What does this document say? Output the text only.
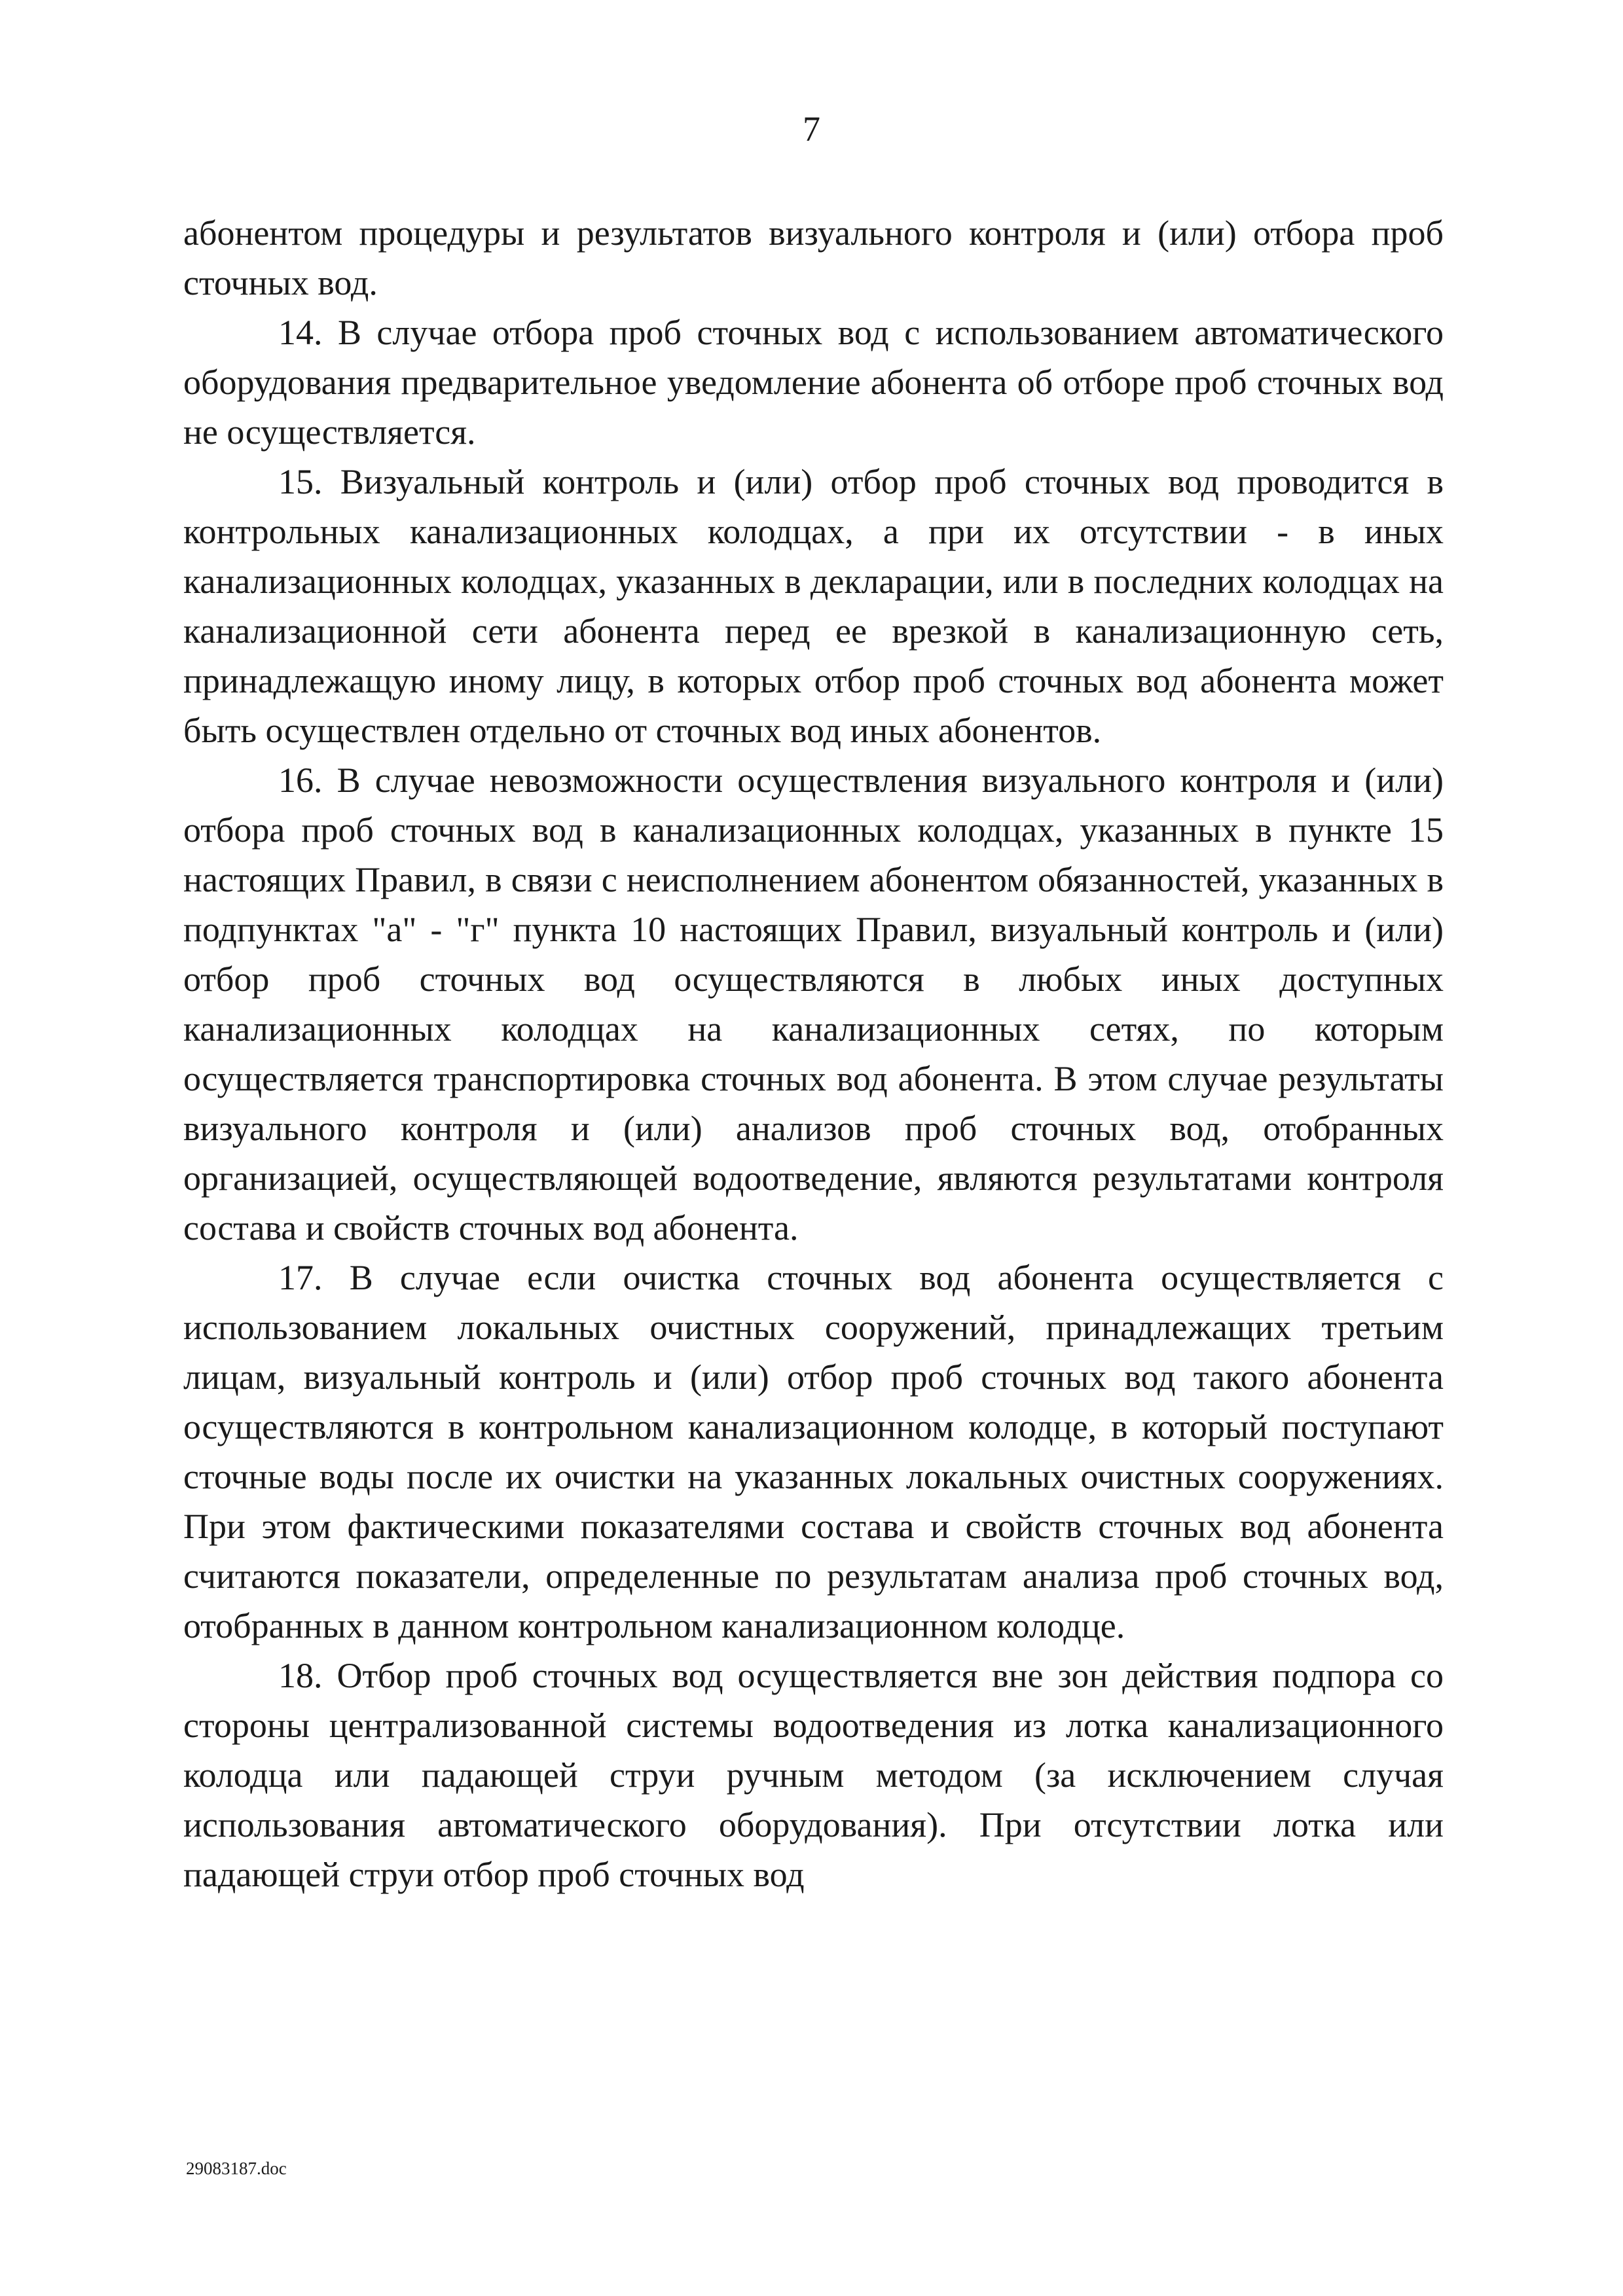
7

абонентом процедуры и результатов визуального контроля и (или) отбора проб сточных вод.

14. В случае отбора проб сточных вод с использованием автоматического оборудования предварительное уведомление абонента об отборе проб сточных вод не осуществляется.

15. Визуальный контроль и (или) отбор проб сточных вод проводится в контрольных канализационных колодцах, а при их отсутствии - в иных канализационных колодцах, указанных в декларации, или в последних колодцах на канализационной сети абонента перед ее врезкой в канализационную сеть, принадлежащую иному лицу, в которых отбор проб сточных вод абонента может быть осуществлен отдельно от сточных вод иных абонентов.

16. В случае невозможности осуществления визуального контроля и (или) отбора проб сточных вод в канализационных колодцах, указанных в пункте 15 настоящих Правил, в связи с неисполнением абонентом обязанностей, указанных в подпунктах "а" - "г" пункта 10 настоящих Правил, визуальный контроль и (или) отбор проб сточных вод осуществляются в любых иных доступных канализационных колодцах на канализационных сетях, по которым осуществляется транспортировка сточных вод абонента. В этом случае результаты визуального контроля и (или) анализов проб сточных вод, отобранных организацией, осуществляющей водоотведение, являются результатами контроля состава и свойств сточных вод абонента.

17. В случае если очистка сточных вод абонента осуществляется с использованием локальных очистных сооружений, принадлежащих третьим лицам, визуальный контроль и (или) отбор проб сточных вод такого абонента осуществляются в контрольном канализационном колодце, в который поступают сточные воды после их очистки на указанных локальных очистных сооружениях. При этом фактическими показателями состава и свойств сточных вод абонента считаются показатели, определенные по результатам анализа проб сточных вод, отобранных в данном контрольном канализационном колодце.

18. Отбор проб сточных вод осуществляется вне зон действия подпора со стороны централизованной системы водоотведения из лотка канализационного колодца или падающей струи ручным методом (за исключением случая использования автоматического оборудования). При отсутствии лотка или падающей струи отбор проб сточных вод

29083187.doc
